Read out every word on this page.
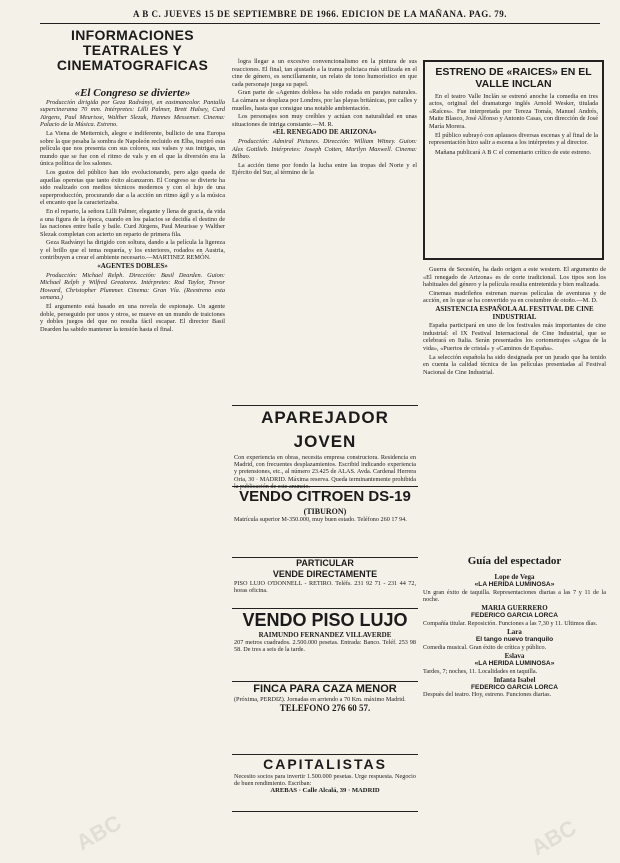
A B C. JUEVES 15 DE SEPTIEMBRE DE 1966. EDICION DE LA MAÑANA. PAG. 79.
INFORMACIONES TEATRALES Y CINEMATOGRAFICAS

«El Congreso se divierte»

Producción dirigida por Geza Radványi, en eastmancolor. Pantalla supercinerama 70 mm. Intérpretes: Lilli Palmer, Brett Halsey, Curd Jürgens, Paul Meurisse, Walther Slezak, Hannes Messemer. Cinema: Palacio de la Música. Estreno.

La Viena de Metternich, alegre e indiferente, bullicio de una Europa sobre la que pesaba la sombra de Napoleón recluido en Elba, inspiró esta película que nos presenta con sus colores, sus valses y sus intrigas, un mundo que se fue con el ritmo de vals y en el que la diversión era la única política de los salones.

Los gustos del público han ido evolucionando, pero algo queda de aquellas operetas que tanto éxito alcanzaron. El Congreso se divierte ha sido realizado con medios técnicos modernos y con el lujo de una superproducción, procurando dar a la acción un ritmo ágil y a la música el encanto que la caracterizaba.

En el reparto, la señora Lilli Palmer, elegante y llena de gracia, da vida a una figura de la época, cuando en los palacios se decidía el destino de las naciones entre baile y baile. Curd Jürgens, Paul Meurisse y Walther Slezak completan con acierto un reparto de primera fila.

Geza Radványi ha dirigido con soltura, dando a la película la ligereza y el brillo que el tema requería, y los exteriores, rodados en Austria, contribuyen a crear el ambiente necesario.—MARTINEZ REMÓN.

«AGENTES DOBLES»

Producción: Michael Relph. Dirección: Basil Dearden. Guion: Michael Relph y Wilfred Greatorex. Intérpretes: Rod Taylor, Trevor Howard, Christopher Plummer. Cinema: Gran Vía. (Reestreno esta semana.)

El argumento está basado en una novela de espionaje. Un agente doble, perseguido por unos y otros, se mueve en un mundo de traiciones y dobles juegos del que no resulta fácil escapar. El director Basil Dearden ha sabido mantener la tensión hasta el final.

logra llegar a un excesivo convencionalismo en la pintura de sus reacciones. El final, tan ajustado a la trama policiaca más utilizada en el cine de género, es sencillamente, un relato de tono humorístico en que cada personaje juega su papel.

Gran parte de «Agentes dobles» ha sido rodada en parajes naturales. La cámara se desplaza por Londres, por las playas británicas, por calles y muelles, hasta que consigue una notable ambientación.

Los personajes son muy creíbles y actúan con naturalidad en unas situaciones de intriga constante.—M. R.

«EL RENEGADO DE ARIZONA»

Producción: Admiral Pictures. Dirección: William Witney. Guion: Alex Gottlieb. Intérpretes: Joseph Cotten, Marilyn Maxwell. Cinema: Bilbao.

La acción tiene por fondo la lucha entre las tropas del Norte y el Ejército del Sur, al término de la

ESTRENO DE «RAICES» EN EL VALLE INCLAN

En el teatro Valle Inclán se estrenó anoche la comedia en tres actos, original del dramaturgo inglés Arnold Wesker, titulada «Raíces». Fue interpretada por Tereza Tomás, Manuel Andrés, Maite Blasco, José Alfonso y Antonio Casas, con dirección de José María Morera.

El público subrayó con aplausos diversas escenas y al final de la representación hizo salir a escena a los intérpretes y al director.

Mañana publicará A B C el comentario crítico de este estreno.

Guerra de Secesión, ha dado origen a este western. El argumento de «El renegado de Arizona» es de corte tradicional. Los tipos son los habituales del género y la película resulta entretenida y bien realizada.

Cinemas madrileños estrenan nuevas películas de aventuras y de acción, en lo que se ha convertido ya en costumbre de otoño.—M. D.

ASISTENCIA ESPAÑOLA AL FESTIVAL DE CINE INDUSTRIAL

España participará en uno de los festivales más importantes de cine industrial: el IX Festival Internacional de Cine Industrial, que se celebrará en Italia. Serán presentados los cortometrajes «Agua de la vida», «Puertos de cristal» y «Caminos de España».

La selección española ha sido designada por un jurado que ha tenido en cuenta la calidad técnica de las películas presentadas al Festival Nacional de Cine Industrial.

Guía del espectador
Lope de Vega
«LA HERIDA LUMINOSA»
Un gran éxito de taquilla. Representaciones diarias a las 7 y 11 de la noche.
MARIA GUERRERO
FEDERICO GARCIA LORCA
Compañía titular. Reposición. Funciones a las 7,30 y 11. Ultimos días.
Lara
El tango nuevo tranquilo
Comedia musical. Gran éxito de crítica y público.
Eslava
«LA HERIDA LUMINOSA»
Tardes, 7; noches, 11. Localidades en taquilla.
Infanta Isabel
FEDERICO GARCIA LORCA
Despuès del teatro. Hoy, estreno. Funciones diarias.
APAREJADOR JOVEN
Con experiencia en obras, necesita empresa constructora. Residencia en Madrid, con frecuentes desplazamientos. Escribid indicando experiencia y pretensiones, etc., al número 23.425 de ALAS. Avda. Cardenal Herrera Oria, 30 · MADRID. Máxima reserva. Queda terminantemente prohibida la publicación de este anuncio.
VENDO CITROEN DS-19
(TIBURON)
Matrícula superior M-350.000, muy buen estado. Teléfono 260 17 94.
PARTICULAR
VENDE DIRECTAMENTE
PISO LUJO O'DONNELL - RETIRO. Teléfs. 231 92 71 - 231 44 72, horas oficina.
VENDO PISO LUJO
RAIMUNDO FERNANDEZ VILLAVERDE
207 metros cuadrados. 2.500.000 pesetas. Entrada: Banco. Teléf. 253 98 58. De tres a seis de la tarde.
FINCA PARA CAZA MENOR
(Próxima, PERDIZ). Jornadas en arriendo a 70 Km. máximo Madrid.
TELEFONO 276 60 57.
CAPITALISTAS
Necesito socios para invertir 1.500.000 pesetas. Urge respuesta. Negocio de buen rendimiento. Escriban:
AREBAS · Calle Alcalá, 39 · MADRID
ABC	ABC
